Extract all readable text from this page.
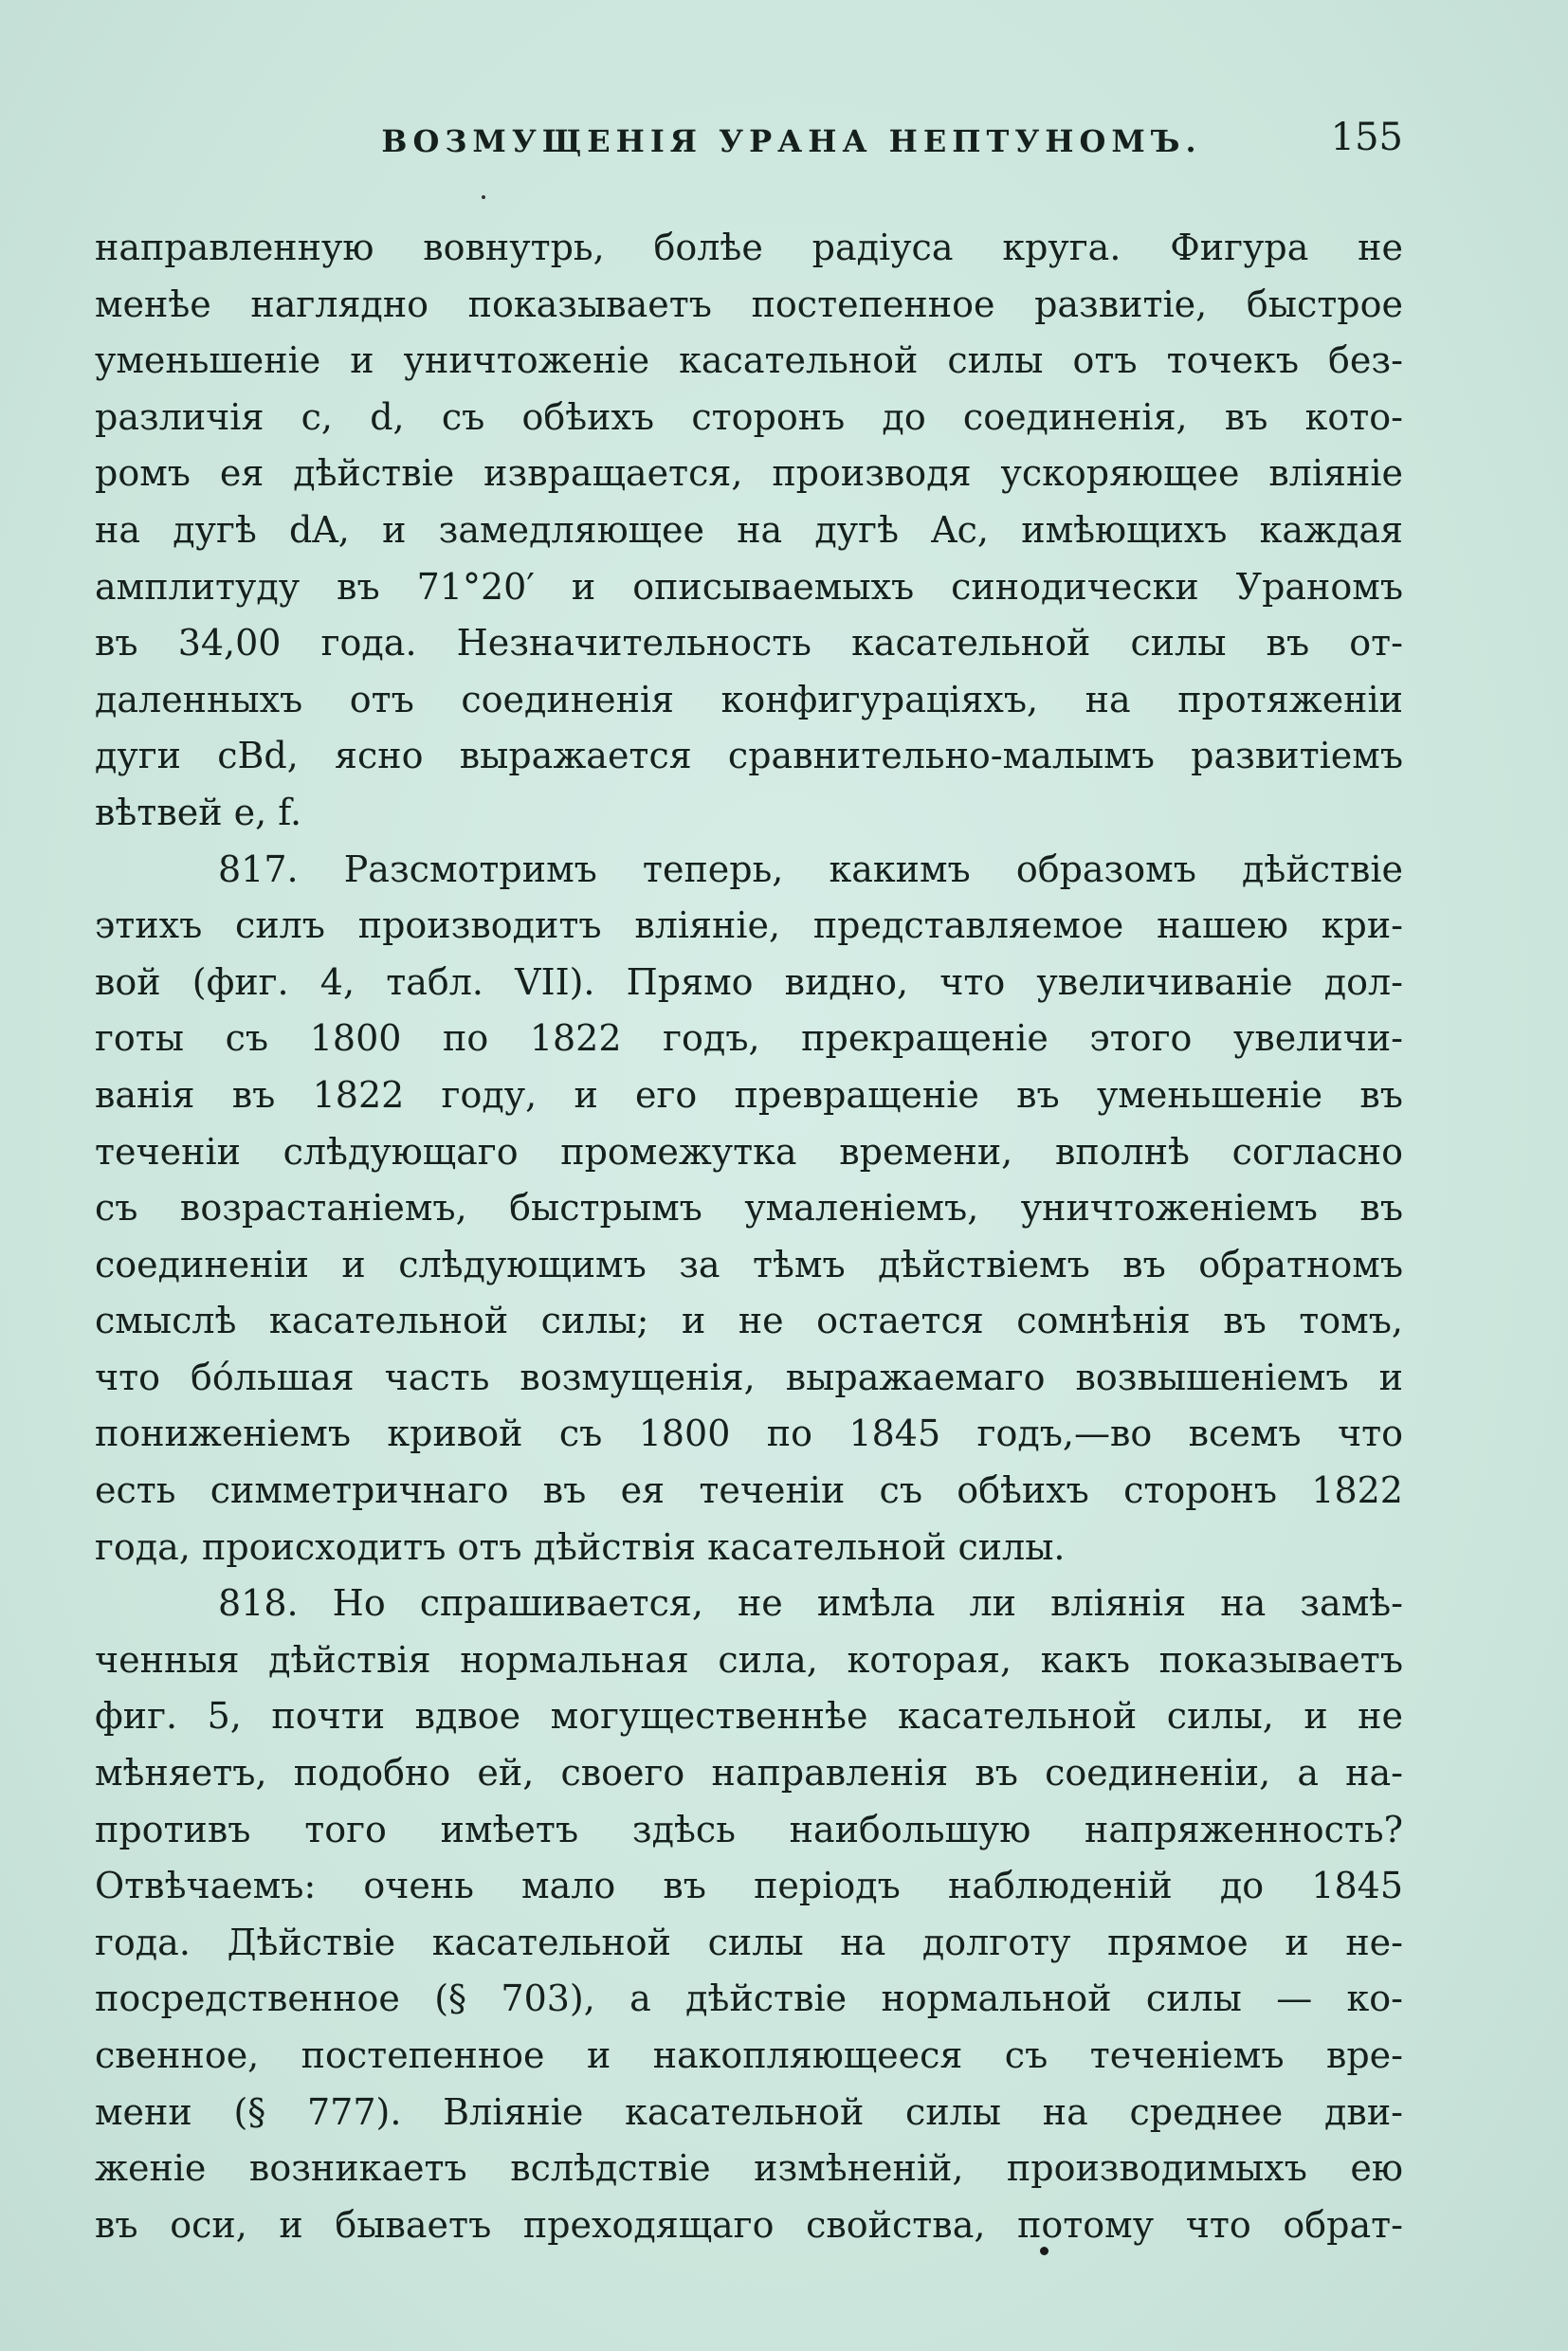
ВОЗМУЩЕНІЯ УРАНА НЕПТУНОМЪ.	155
направленную вовнутрь, болѣе радіуса круга. Фигура не
менѣе наглядно показываетъ постепенное развитіе, быстрое
уменьшеніе и уничтоженіе касательной силы отъ точекъ без-
различія c, d, съ обѣихъ сторонъ до соединенія, въ кото-
ромъ ея дѣйствіе извращается, производя ускоряющее вліяніе
на дугѣ dA, и замедляющее на дугѣ Ac, имѣющихъ каждая
амплитуду въ 71°20′ и описываемыхъ синодически Ураномъ
въ 34,00 года. Незначительность касательной силы въ от-
даленныхъ отъ соединенія конфигураціяхъ, на протяженіи
дуги cBd, ясно выражается сравнительно-малымъ развитіемъ
вѣтвей e, f.
817. Разсмотримъ теперь, какимъ образомъ дѣйствіе
этихъ силъ производитъ вліяніе, представляемое нашею кри-
вой (фиг. 4, табл. VII). Прямо видно, что увеличиваніе дол-
готы съ 1800 по 1822 годъ, прекращеніе этого увеличи-
ванія въ 1822 году, и его превращеніе въ уменьшеніе въ
теченіи слѣдующаго промежутка времени, вполнѣ согласно
съ возрастаніемъ, быстрымъ умаленіемъ, уничтоженіемъ въ
соединеніи и слѣдующимъ за тѣмъ дѣйствіемъ въ обратномъ
смыслѣ касательной силы; и не остается сомнѣнія въ томъ,
что бóльшая часть возмущенія, выражаемаго возвышеніемъ и
пониженіемъ кривой съ 1800 по 1845 годъ,—во всемъ что
есть симметричнаго въ ея теченіи съ обѣихъ сторонъ 1822
года, происходитъ отъ дѣйствія касательной силы.
818. Но спрашивается, не имѣла ли вліянія на замѣ-
ченныя дѣйствія нормальная сила, которая, какъ показываетъ
фиг. 5, почти вдвое могущественнѣе касательной силы, и не
мѣняетъ, подобно ей, своего направленія въ соединеніи, а на-
противъ того имѣетъ здѣсь наибольшую напряженность?
Отвѣчаемъ: очень мало въ періодъ наблюденій до 1845
года. Дѣйствіе касательной силы на долготу прямое и не-
посредственное (§ 703), а дѣйствіе нормальной силы — ко-
свенное, постепенное и накопляющееся съ теченіемъ вре-
мени (§ 777). Вліяніе касательной силы на среднее дви-
женіе возникаетъ вслѣдствіе измѣненій, производимыхъ ею
въ оси, и бываетъ преходящаго свойства, потому что обрат-
